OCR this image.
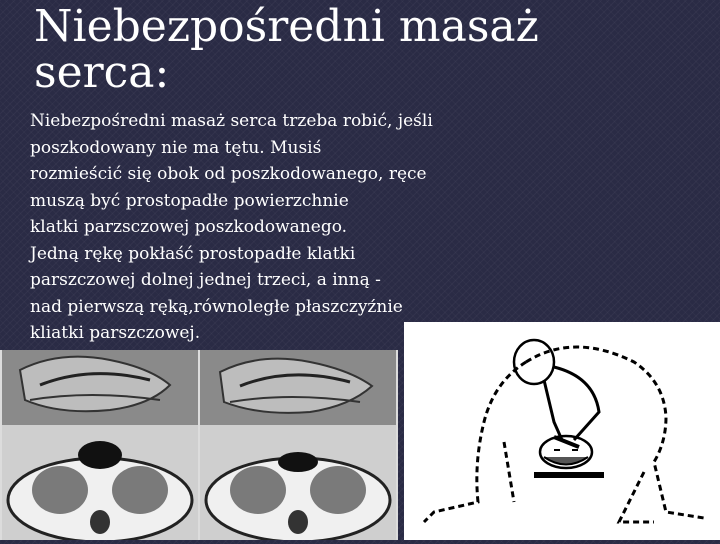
Niebezpośredni masaż
serca:

Niebezpośredni masaż serca trzeba robić, jeśli
poszkodowany nie ma tętu. Musiś
rozmieścić się obok od poszkodowanego, ręce
muszą być prostopadłe powierzchnie
klatki parzsczowej poszkodowanego.
Jedną rękę pokłaść prostopadłe klatki
parszczowej dolnej jednej trzeci, a inną -
nad pierwszą ręką,równoległe płaszczyźnie
kliatki parszczowej.
